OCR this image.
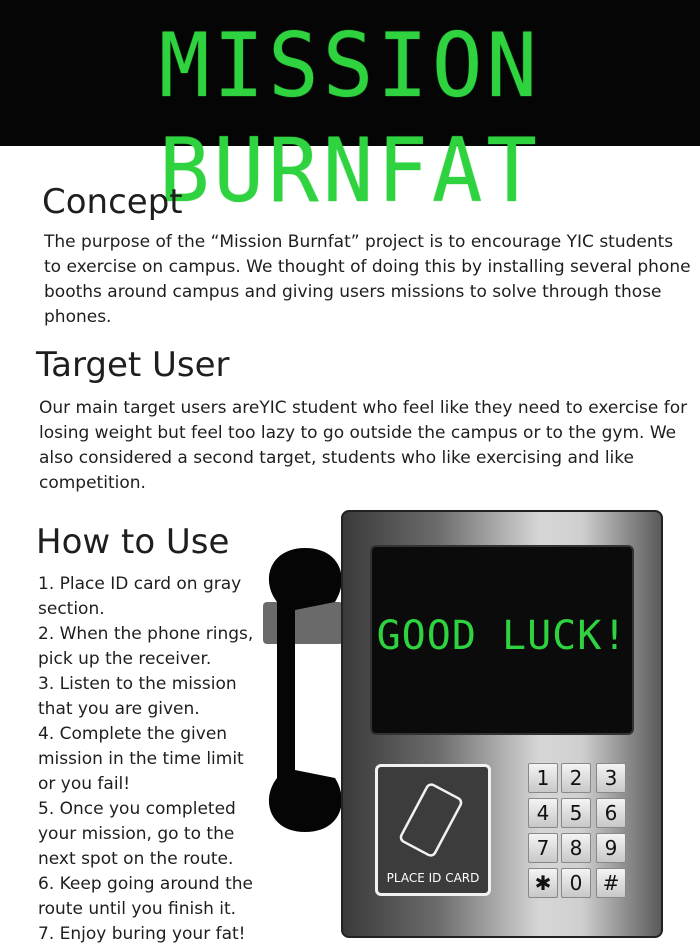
MISSION BURNFAT
Concept

The purpose of the “Mission Burnfat” project is to encourage YIC students

to exercise on campus. We thought of doing this by installing several phone

booths around campus and giving users missions to solve through those

phones.

Target User

Our main target users areYIC student who feel like they need to exercise for

losing weight but feel too lazy to go outside the campus or to the gym. We

also considered a second target, students who like exercising and like

competition.

How to Use
1. Place ID card on gray
section.
2. When the phone rings,
pick up the receiver.
3. Listen to the mission
that you are given.
4. Complete the given
mission in the time limit
or you fail!
5. Once you completed
your mission, go to the
next spot on the route.
6. Keep going around the
route until you finish it.
7. Enjoy buring your fat!
GOOD LUCK!
PLACE ID CARD
1	2	3
4	5	6
7	8	9
✱ 0	#
